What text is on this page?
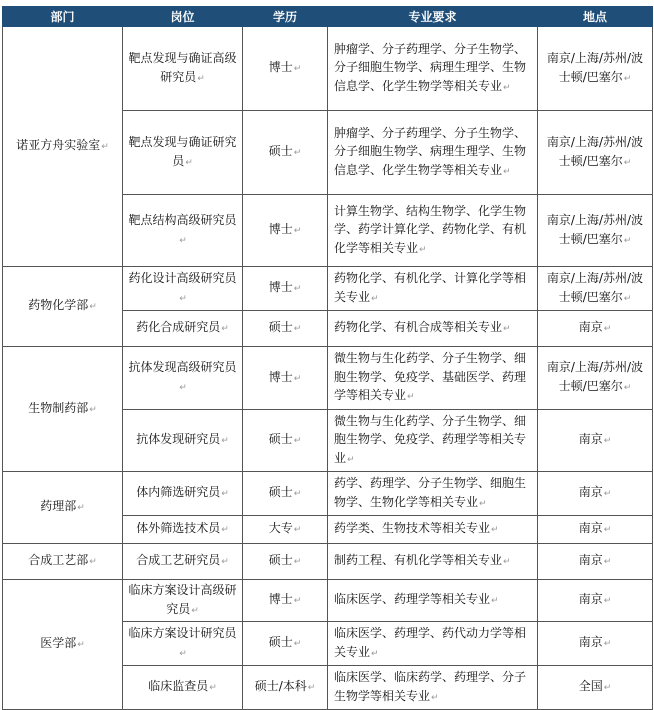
部门	岗位	学历	专业要求	地点
诺亚方舟实验室↵	靶点发现与确证高级研究员↵	博士↵	肿瘤学、分子药理学、分子生物学、分子细胞生物学、病理生理学、生物信息学、化学生物学等相关专业↵	南京/上海/苏州/波士顿/巴塞尔↵
	靶点发现与确证研究员↵	硕士↵	肿瘤学、分子药理学、分子生物学、分子细胞生物学、病理生理学、生物信息学、化学生物学等相关专业↵	南京/上海/苏州/波士顿/巴塞尔↵
	靶点结构高级研究员↵	博士↵	计算生物学、结构生物学、化学生物学、药学计算化学、药物化学、有机化学等相关专业↵	南京/上海/苏州/波士顿/巴塞尔↵
药物化学部↵	药化设计高级研究员↵	博士↵	药物化学、有机化学、计算化学等相关专业↵	南京/上海/苏州/波士顿/巴塞尔↵
	药化合成研究员↵	硕士↵	药物化学、有机合成等相关专业↵	南京↵
生物制药部↵	抗体发现高级研究员↵	博士↵	微生物与生化药学、分子生物学、细胞生物学、免疫学、基础医学、药理学等相关专业↵	南京/上海/苏州/波士顿/巴塞尔↵
	抗体发现研究员↵	硕士↵	微生物与生化药学、分子生物学、细胞生物学、免疫学、药理学等相关专业↵	南京↵
药理部↵	体内筛选研究员↵	硕士↵	药学、药理学、分子生物学、细胞生物学、生物化学等相关专业↵	南京↵
	体外筛选技术员↵	大专↵	药学类、生物技术等相关专业↵	南京↵
合成工艺部↵	合成工艺研究员↵	硕士↵	制药工程、有机化学等相关专业↵	南京↵
医学部↵	临床方案设计高级研究员↵	博士↵	临床医学、药理学等相关专业↵	南京↵
	临床方案设计研究员↵	硕士↵	临床医学、药理学、药代动力学等相关专业↵	南京↵
	临床监查员↵	硕士/本科↵	临床医学、临床药学、药理学、分子生物学等相关专业↵	全国↵
